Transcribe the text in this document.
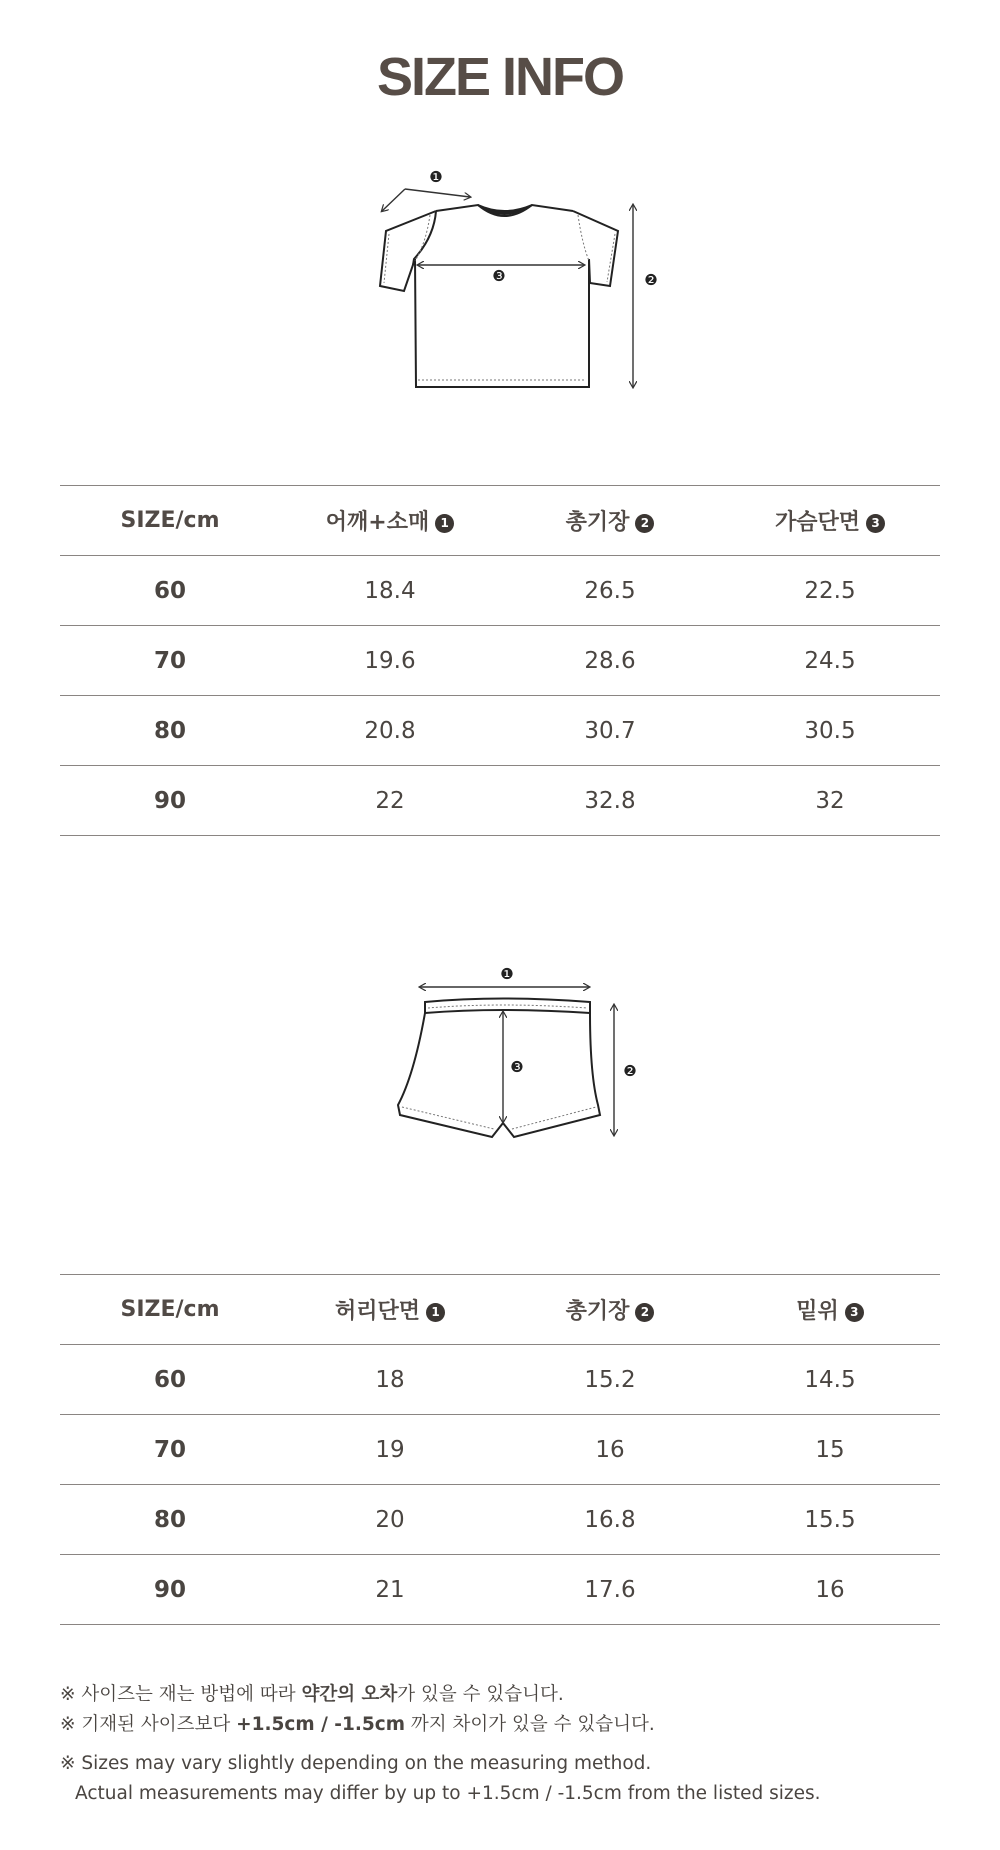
SIZE INFO
❶
❸	❷
SIZE/cm	어깨+소매 1	총기장 2	가슴단면 3
60	18.4	26.5	22.5
70	19.6	28.6	24.5
80	20.8	30.7	30.5
90	22	32.8	32
❶
❸	❷
SIZE/cm	허리단면 1	총기장 2	밑위 3
60	18	15.2	14.5
70	19	16	15
80	20	16.8	15.5
90	21	17.6	16

※ 사이즈는 재는 방법에 따라 약간의 오차가 있을 수 있습니다.

※ 기재된 사이즈보다 +1.5cm / -1.5cm 까지 차이가 있을 수 있습니다.

※ Sizes may vary slightly depending on the measuring method.

Actual measurements may differ by up to +1.5cm / -1.5cm from the listed sizes.
